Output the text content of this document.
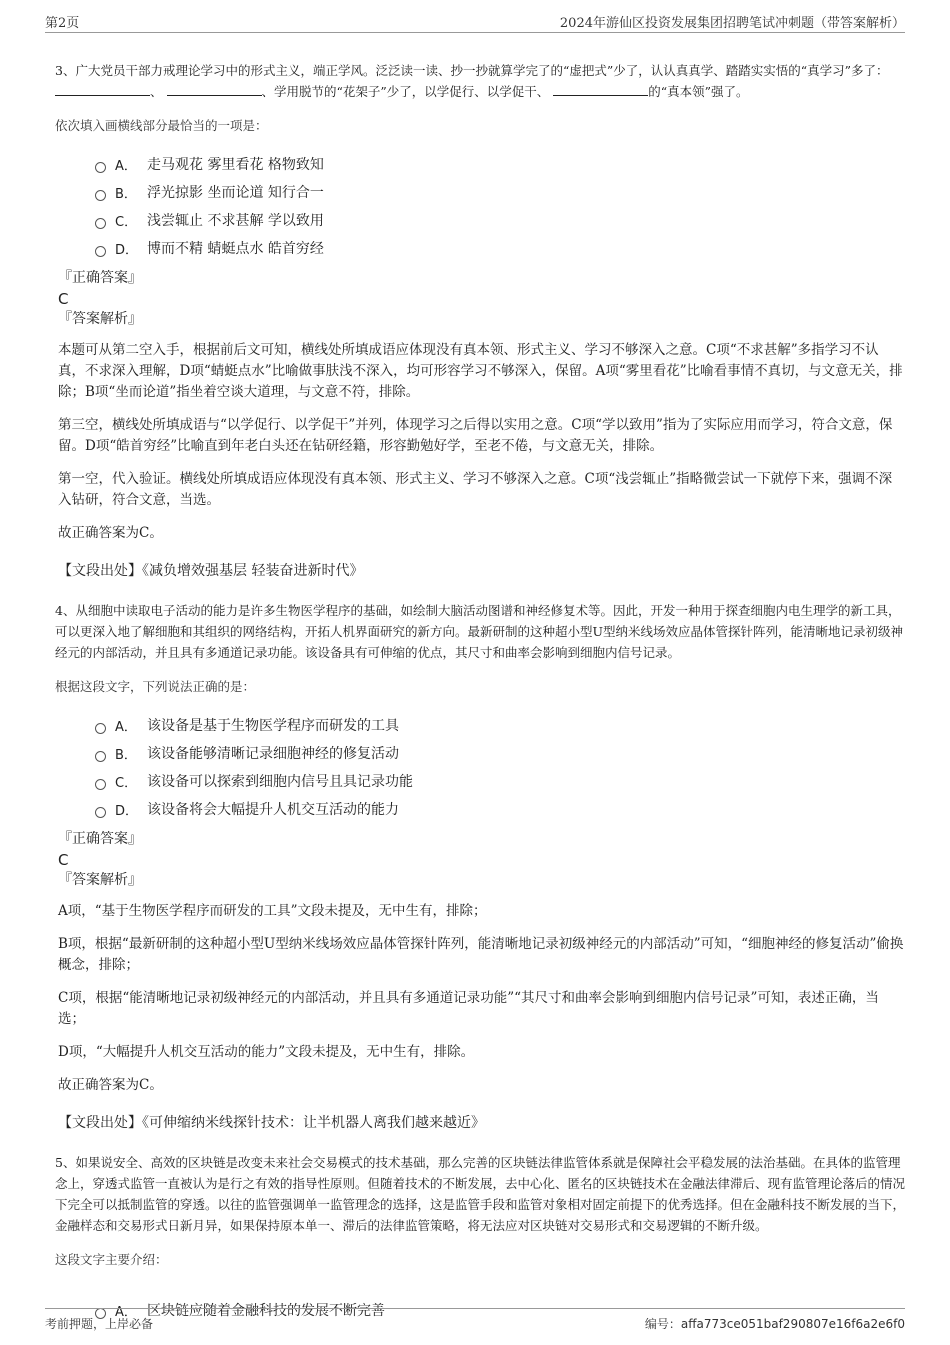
第2页	2024年游仙区投资发展集团招聘笔试冲刺题（带答案解析）

3、广大党员干部力戒理论学习中的形式主义，端正学风。泛泛读一读、抄一抄就算学完了的“虚把式”少了，认认真真学、踏踏实实悟的“真学习”多了： 、	、学用脱节的“花架子”少了，以学促行、以学促干、	的“真本领”强了。

依次填入画横线部分最恰当的一项是：
A． 走马观花 雾里看花 格物致知
B． 浮光掠影 坐而论道 知行合一
C． 浅尝辄止 不求甚解 学以致用
D． 博而不精 蜻蜓点水 皓首穷经
『正确答案』
C
『答案解析』

本题可从第二空入手，根据前后文可知，横线处所填成语应体现没有真本领、形式主义、学习不够深入之意。C项“不求甚解”多指学习不认真，不求深入理解，D项“蜻蜓点水”比喻做事肤浅不深入，均可形容学习不够深入，保留。A项“雾里看花”比喻看事情不真切，与文意无关，排除；B项“坐而论道”指坐着空谈大道理，与文意不符，排除。

第三空，横线处所填成语与“以学促行、以学促干”并列，体现学习之后得以实用之意。C项“学以致用”指为了实际应用而学习，符合文意，保留。D项“皓首穷经”比喻直到年老白头还在钻研经籍，形容勤勉好学，至老不倦，与文意无关，排除。

第一空，代入验证。横线处所填成语应体现没有真本领、形式主义、学习不够深入之意。C项“浅尝辄止”指略微尝试一下就停下来，强调不深入钻研，符合文意，当选。

故正确答案为C。

【文段出处】《减负增效强基层 轻装奋进新时代》

4、从细胞中读取电子活动的能力是许多生物医学程序的基础，如绘制大脑活动图谱和神经修复术等。因此，开发一种用于探查细胞内电生理学的新工具，可以更深入地了解细胞和其组织的网络结构，开拓人机界面研究的新方向。最新研制的这种超小型U型纳米线场效应晶体管探针阵列，能清晰地记录初级神经元的内部活动，并且具有多通道记录功能。该设备具有可伸缩的优点，其尺寸和曲率会影响到细胞内信号记录。

根据这段文字，下列说法正确的是：
A． 该设备是基于生物医学程序而研发的工具
B． 该设备能够清晰记录细胞神经的修复活动
C． 该设备可以探索到细胞内信号且具记录功能
D． 该设备将会大幅提升人机交互活动的能力
『正确答案』
C
『答案解析』

A项，“基于生物医学程序而研发的工具”文段未提及，无中生有，排除；

B项，根据“最新研制的这种超小型U型纳米线场效应晶体管探针阵列，能清晰地记录初级神经元的内部活动”可知，“细胞神经的修复活动”偷换概念，排除；

C项，根据“能清晰地记录初级神经元的内部活动，并且具有多通道记录功能”“其尺寸和曲率会影响到细胞内信号记录”可知，表述正确，当选；

D项，“大幅提升人机交互活动的能力”文段未提及，无中生有，排除。

故正确答案为C。

【文段出处】《可伸缩纳米线探针技术：让半机器人离我们越来越近》

5、如果说安全、高效的区块链是改变未来社会交易模式的技术基础，那么完善的区块链法律监管体系就是保障社会平稳发展的法治基础。在具体的监管理念上，穿透式监管一直被认为是行之有效的指导性原则。但随着技术的不断发展，去中心化、匿名的区块链技术在金融法律滞后、现有监管理论落后的情况下完全可以抵制监管的穿透。以往的监管强调单一监管理念的选择，这是监管手段和监管对象相对固定前提下的优秀选择。但在金融科技不断发展的当下，金融样态和交易形式日新月异，如果保持原本单一、滞后的法律监管策略，将无法应对区块链对交易形式和交易逻辑的不断升级。

这段文字主要介绍：
A． 区块链应随着金融科技的发展不断完善
考前押题，上岸必备	编号：affa773ce051baf290807e16f6a2e6f0
